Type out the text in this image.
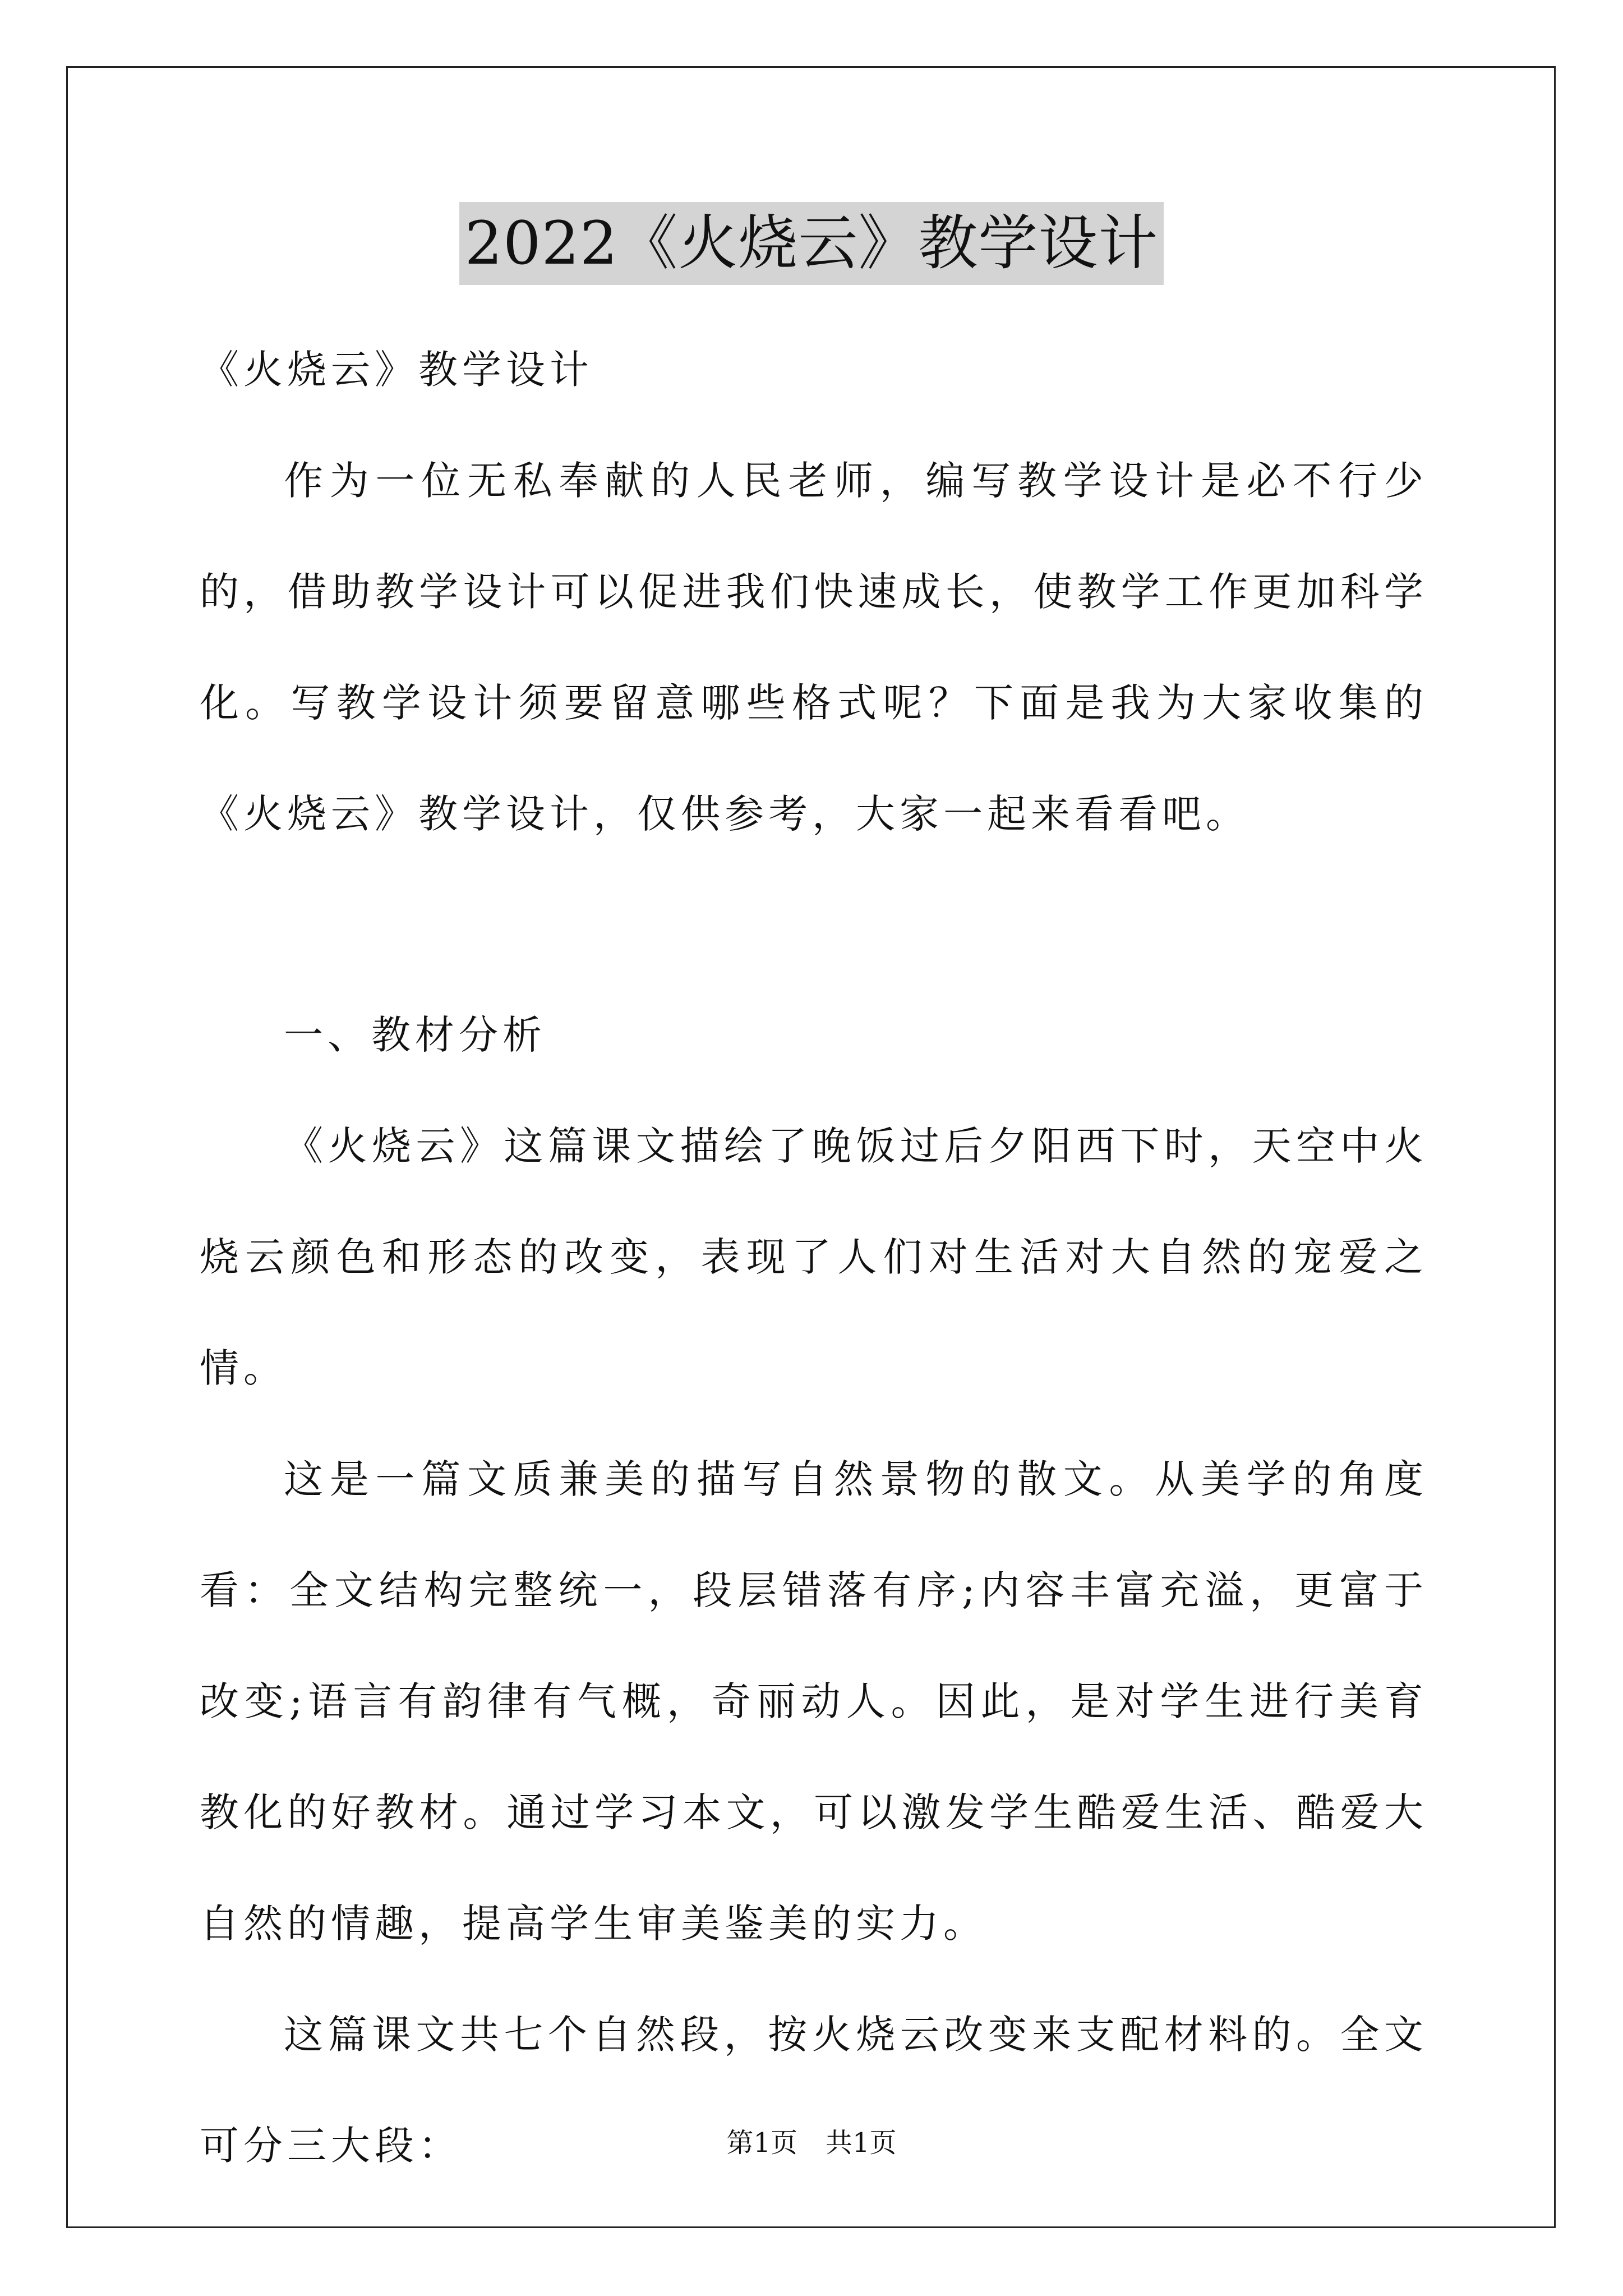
2022《火烧云》教学设计

《火烧云》教学设计

作为一位无私奉献的人民老师，编写教学设计是必不行少的，借助教学设计可以促进我们快速成长，使教学工作更加科学化。写教学设计须要留意哪些格式呢？下面是我为大家收集的《火烧云》教学设计，仅供参考，大家一起来看看吧。

一、教材分析

《火烧云》这篇课文描绘了晚饭过后夕阳西下时，天空中火烧云颜色和形态的改变，表现了人们对生活对大自然的宠爱之情。

这是一篇文质兼美的描写自然景物的散文。从美学的角度看：全文结构完整统一，段层错落有序;内容丰富充溢，更富于改变;语言有韵律有气概，奇丽动人。因此，是对学生进行美育教化的好教材。通过学习本文，可以激发学生酷爱生活、酷爱大自然的情趣，提高学生审美鉴美的实力。

这篇课文共七个自然段，按火烧云改变来支配材料的。全文可分三大段：	第1页 共1页
